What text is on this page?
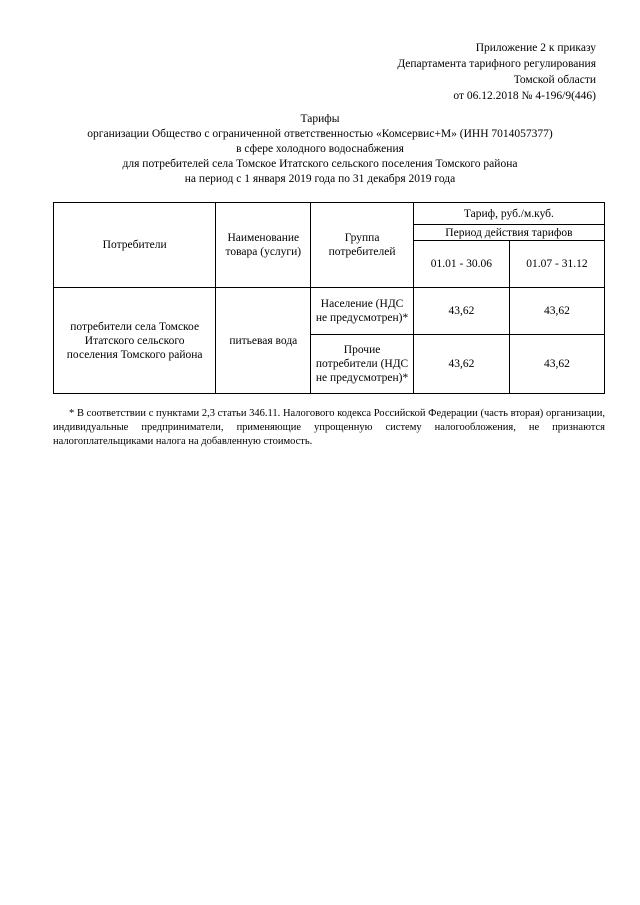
Приложение 2 к приказу
Департамента тарифного регулирования
Томской области
от 06.12.2018 № 4-196/9(446)
Тарифы
организации Общество с ограниченной ответственностью «Комсервис+М» (ИНН 7014057377)
в сфере холодного водоснабжения
для потребителей села Томское Итатского сельского поселения Томского района
на период с 1 января 2019 года по 31 декабря 2019 года
Потребители	Наименование товара (услуги)	Группа потребителей	Тариф, руб./м.куб.	
			Период действия тарифов	
			01.01 - 30.06	01.07 - 31.12
потребители села Томское Итатского сельского поселения Томского района	питьевая вода	Население (НДС не предусмотрен)*	43,62	43,62
		Прочие потребители (НДС не предусмотрен)*	43,62	43,62
* В соответствии с пунктами 2,3 статьи 346.11. Налогового кодекса Российской Федерации (часть вторая) организации, индивидуальные предприниматели, применяющие упрощенную систему налогообложения, не признаются налогоплательщиками налога на добавленную стоимость.
